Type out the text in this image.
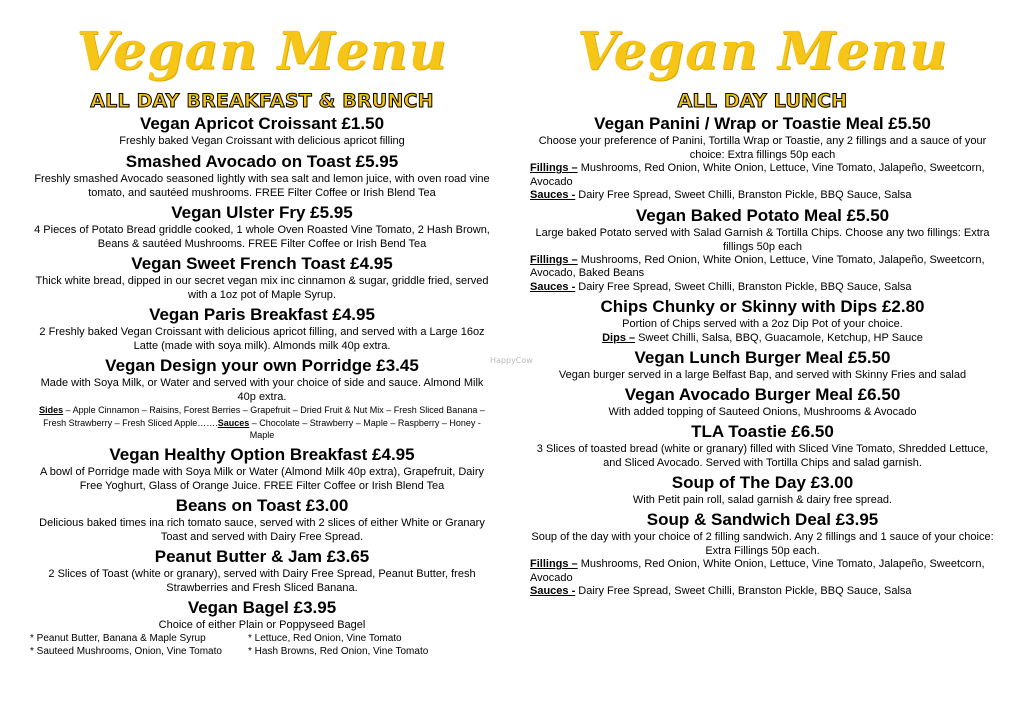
Vegan Menu
ALL DAY BREAKFAST & BRUNCH
Vegan Apricot Croissant £1.50
Freshly baked Vegan Croissant with delicious apricot filling
Smashed Avocado on Toast £5.95
Freshly smashed Avocado seasoned lightly with sea salt and lemon juice, with oven road vine tomato, and sautéed mushrooms. FREE Filter Coffee or Irish Blend Tea
Vegan Ulster Fry £5.95
4 Pieces of Potato Bread griddle cooked, 1 whole Oven Roasted Vine Tomato, 2 Hash Brown, Beans & sautéed Mushrooms. FREE Filter Coffee or Irish Bend Tea
Vegan Sweet French Toast £4.95
Thick white bread, dipped in our secret vegan mix inc cinnamon & sugar, griddle fried, served with a 1oz pot of Maple Syrup.
Vegan Paris Breakfast £4.95
2 Freshly baked Vegan Croissant with delicious apricot filling, and served with a Large 16oz Latte (made with soya milk). Almonds milk 40p extra.
Vegan Design your own Porridge £3.45
Made with Soya Milk, or Water and served with your choice of side and sauce. Almond Milk 40p extra.
Sides – Apple Cinnamon – Raisins, Forest Berries – Grapefruit – Dried Fruit & Nut Mix – Fresh Sliced Banana – Fresh Strawberry – Fresh Sliced Apple…….Sauces – Chocolate – Strawberry – Maple – Raspberry – Honey - Maple
Vegan Healthy Option Breakfast £4.95
A bowl of Porridge made with Soya Milk or Water (Almond Milk 40p extra), Grapefruit, Dairy Free Yoghurt, Glass of Orange Juice. FREE Filter Coffee or Irish Blend Tea
Beans on Toast £3.00
Delicious baked times ina rich tomato sauce, served with 2 slices of either White or Granary Toast and served with Dairy Free Spread.
Peanut Butter & Jam £3.65
2 Slices of Toast (white or granary), served with Dairy Free Spread, Peanut Butter, fresh Strawberries and Fresh Sliced Banana.
Vegan Bagel £3.95
Choice of either Plain or Poppyseed Bagel
* Peanut Butter, Banana & Maple Syrup	* Lettuce, Red Onion, Vine Tomato
* Sauteed Mushrooms, Onion, Vine Tomato	* Hash Browns, Red Onion, Vine Tomato
HappyCow
Vegan Menu
ALL DAY LUNCH
Vegan Panini / Wrap or Toastie Meal £5.50
Choose your preference of Panini, Tortilla Wrap or Toastie, any 2 fillings and a sauce of your choice: Extra fillings 50p each
Fillings – Mushrooms, Red Onion, White Onion, Lettuce, Vine Tomato, Jalapeño, Sweetcorn, Avocado
Sauces - Dairy Free Spread, Sweet Chilli, Branston Pickle, BBQ Sauce, Salsa
Vegan Baked Potato Meal £5.50
Large baked Potato served with Salad Garnish & Tortilla Chips. Choose any two fillings: Extra fillings 50p each
Fillings – Mushrooms, Red Onion, White Onion, Lettuce, Vine Tomato, Jalapeño, Sweetcorn, Avocado, Baked Beans
Sauces - Dairy Free Spread, Sweet Chilli, Branston Pickle, BBQ Sauce, Salsa
Chips Chunky or Skinny with Dips £2.80
Portion of Chips served with a 2oz Dip Pot of your choice.
Dips – Sweet Chilli, Salsa, BBQ, Guacamole, Ketchup, HP Sauce
Vegan Lunch Burger Meal £5.50
Vegan burger served in a large Belfast Bap, and served with Skinny Fries and salad
Vegan Avocado Burger Meal £6.50
With added topping of Sauteed Onions, Mushrooms & Avocado
TLA Toastie £6.50
3 Slices of toasted bread (white or granary) filled with Sliced Vine Tomato, Shredded Lettuce, and Sliced Avocado. Served with Tortilla Chips and salad garnish.
Soup of The Day £3.00
With Petit pain roll, salad garnish & dairy free spread.
Soup & Sandwich Deal £3.95
Soup of the day with your choice of 2 filling sandwich. Any 2 fillings and 1 sauce of your choice: Extra Fillings 50p each.
Fillings – Mushrooms, Red Onion, White Onion, Lettuce, Vine Tomato, Jalapeño, Sweetcorn, Avocado
Sauces - Dairy Free Spread, Sweet Chilli, Branston Pickle, BBQ Sauce, Salsa
